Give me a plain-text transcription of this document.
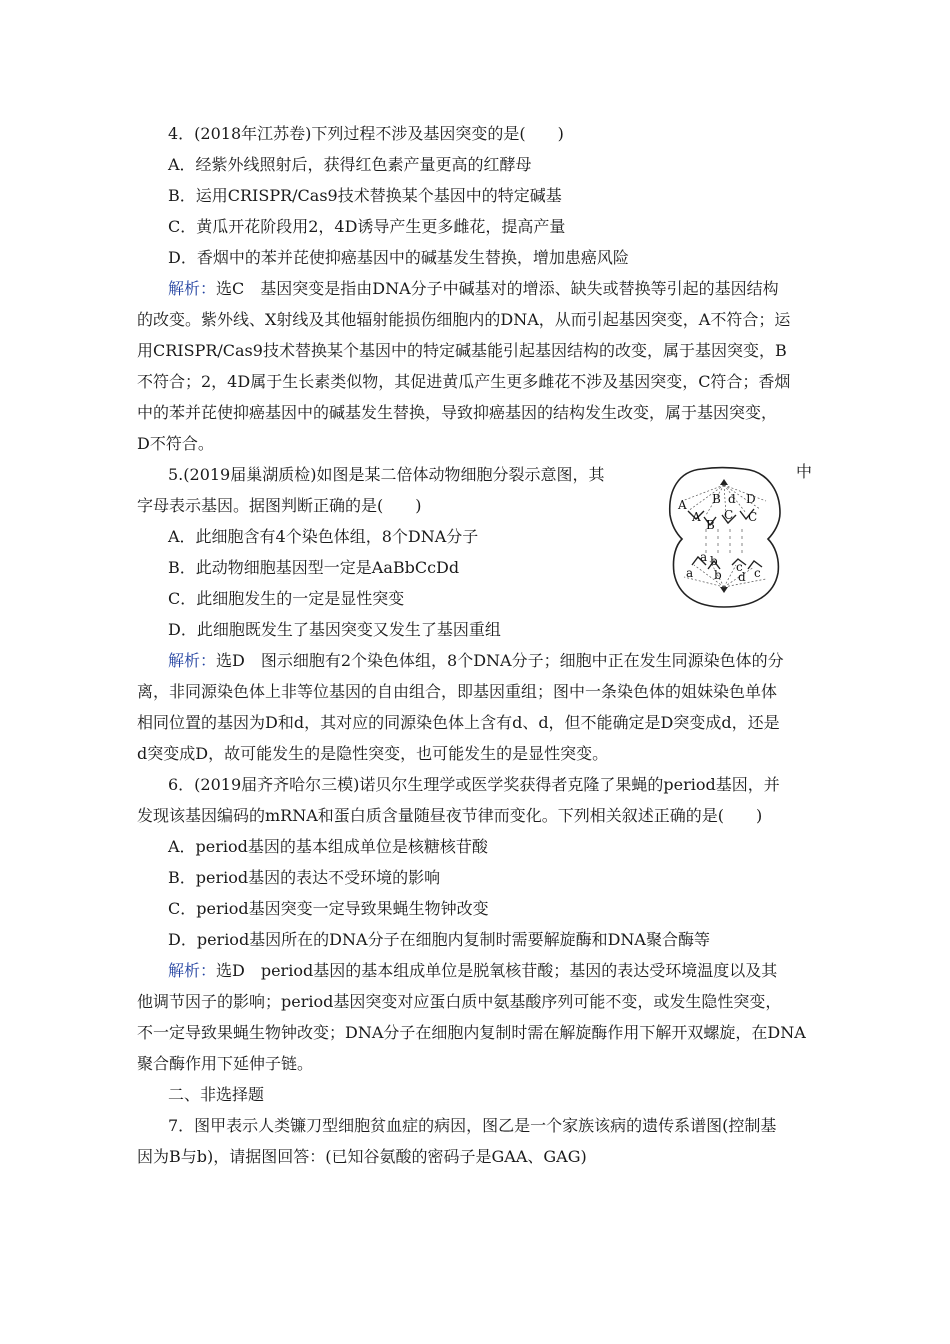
4．(2018年江苏卷)下列过程不涉及基因突变的是(　　)
A．经紫外线照射后，获得红色素产量更高的红酵母
B．运用CRISPR/Cas9技术替换某个基因中的特定碱基
C．黄瓜开花阶段用2，4D诱导产生更多雌花，提高产量
D．香烟中的苯并芘使抑癌基因中的碱基发生替换，增加患癌风险
解析：选C　基因突变是指由DNA分子中碱基对的增添、缺失或替换等引起的基因结构
的改变。紫外线、X射线及其他辐射能损伤细胞内的DNA，从而引起基因突变，A不符合；运
用CRISPR/Cas9技术替换某个基因中的特定碱基能引起基因结构的改变，属于基因突变，B
不符合；2，4D属于生长素类似物，其促进黄瓜产生更多雌花不涉及基因突变，C符合；香烟
中的苯并芘使抑癌基因中的碱基发生替换，导致抑癌基因的结构发生改变，属于基因突变，
D不符合。
5.(2019届巢湖质检)如图是某二倍体动物细胞分裂示意图，其	中
字母表示基因。据图判断正确的是(　　)
A．此细胞含有4个染色体组，8个DNA分子
B．此动物细胞基因型一定是AaBbCcDd
C．此细胞发生的一定是显性突变
D．此细胞既发生了基因突变又发生了基因重组
A B d D
A
B
C C
a b
a b
c
d c
解析：选D　图示细胞有2个染色体组，8个DNA分子；细胞中正在发生同源染色体的分
离，非同源染色体上非等位基因的自由组合，即基因重组；图中一条染色体的姐妹染色单体
相同位置的基因为D和d，其对应的同源染色体上含有d、d，但不能确定是D突变成d，还是
d突变成D，故可能发生的是隐性突变，也可能发生的是显性突变。
6．(2019届齐齐哈尔三模)诺贝尔生理学或医学奖获得者克隆了果蝇的period基因，并
发现该基因编码的mRNA和蛋白质含量随昼夜节律而变化。下列相关叙述正确的是(　　)
A．period基因的基本组成单位是核糖核苷酸
B．period基因的表达不受环境的影响
C．period基因突变一定导致果蝇生物钟改变
D．period基因所在的DNA分子在细胞内复制时需要解旋酶和DNA聚合酶等
解析：选D　period基因的基本组成单位是脱氧核苷酸；基因的表达受环境温度以及其
他调节因子的影响；period基因突变对应蛋白质中氨基酸序列可能不变，或发生隐性突变，
不一定导致果蝇生物钟改变；DNA分子在细胞内复制时需在解旋酶作用下解开双螺旋，在DNA
聚合酶作用下延伸子链。
二、非选择题
7．图甲表示人类镰刀型细胞贫血症的病因，图乙是一个家族该病的遗传系谱图(控制基
因为B与b)，请据图回答：(已知谷氨酸的密码子是GAA、GAG)
